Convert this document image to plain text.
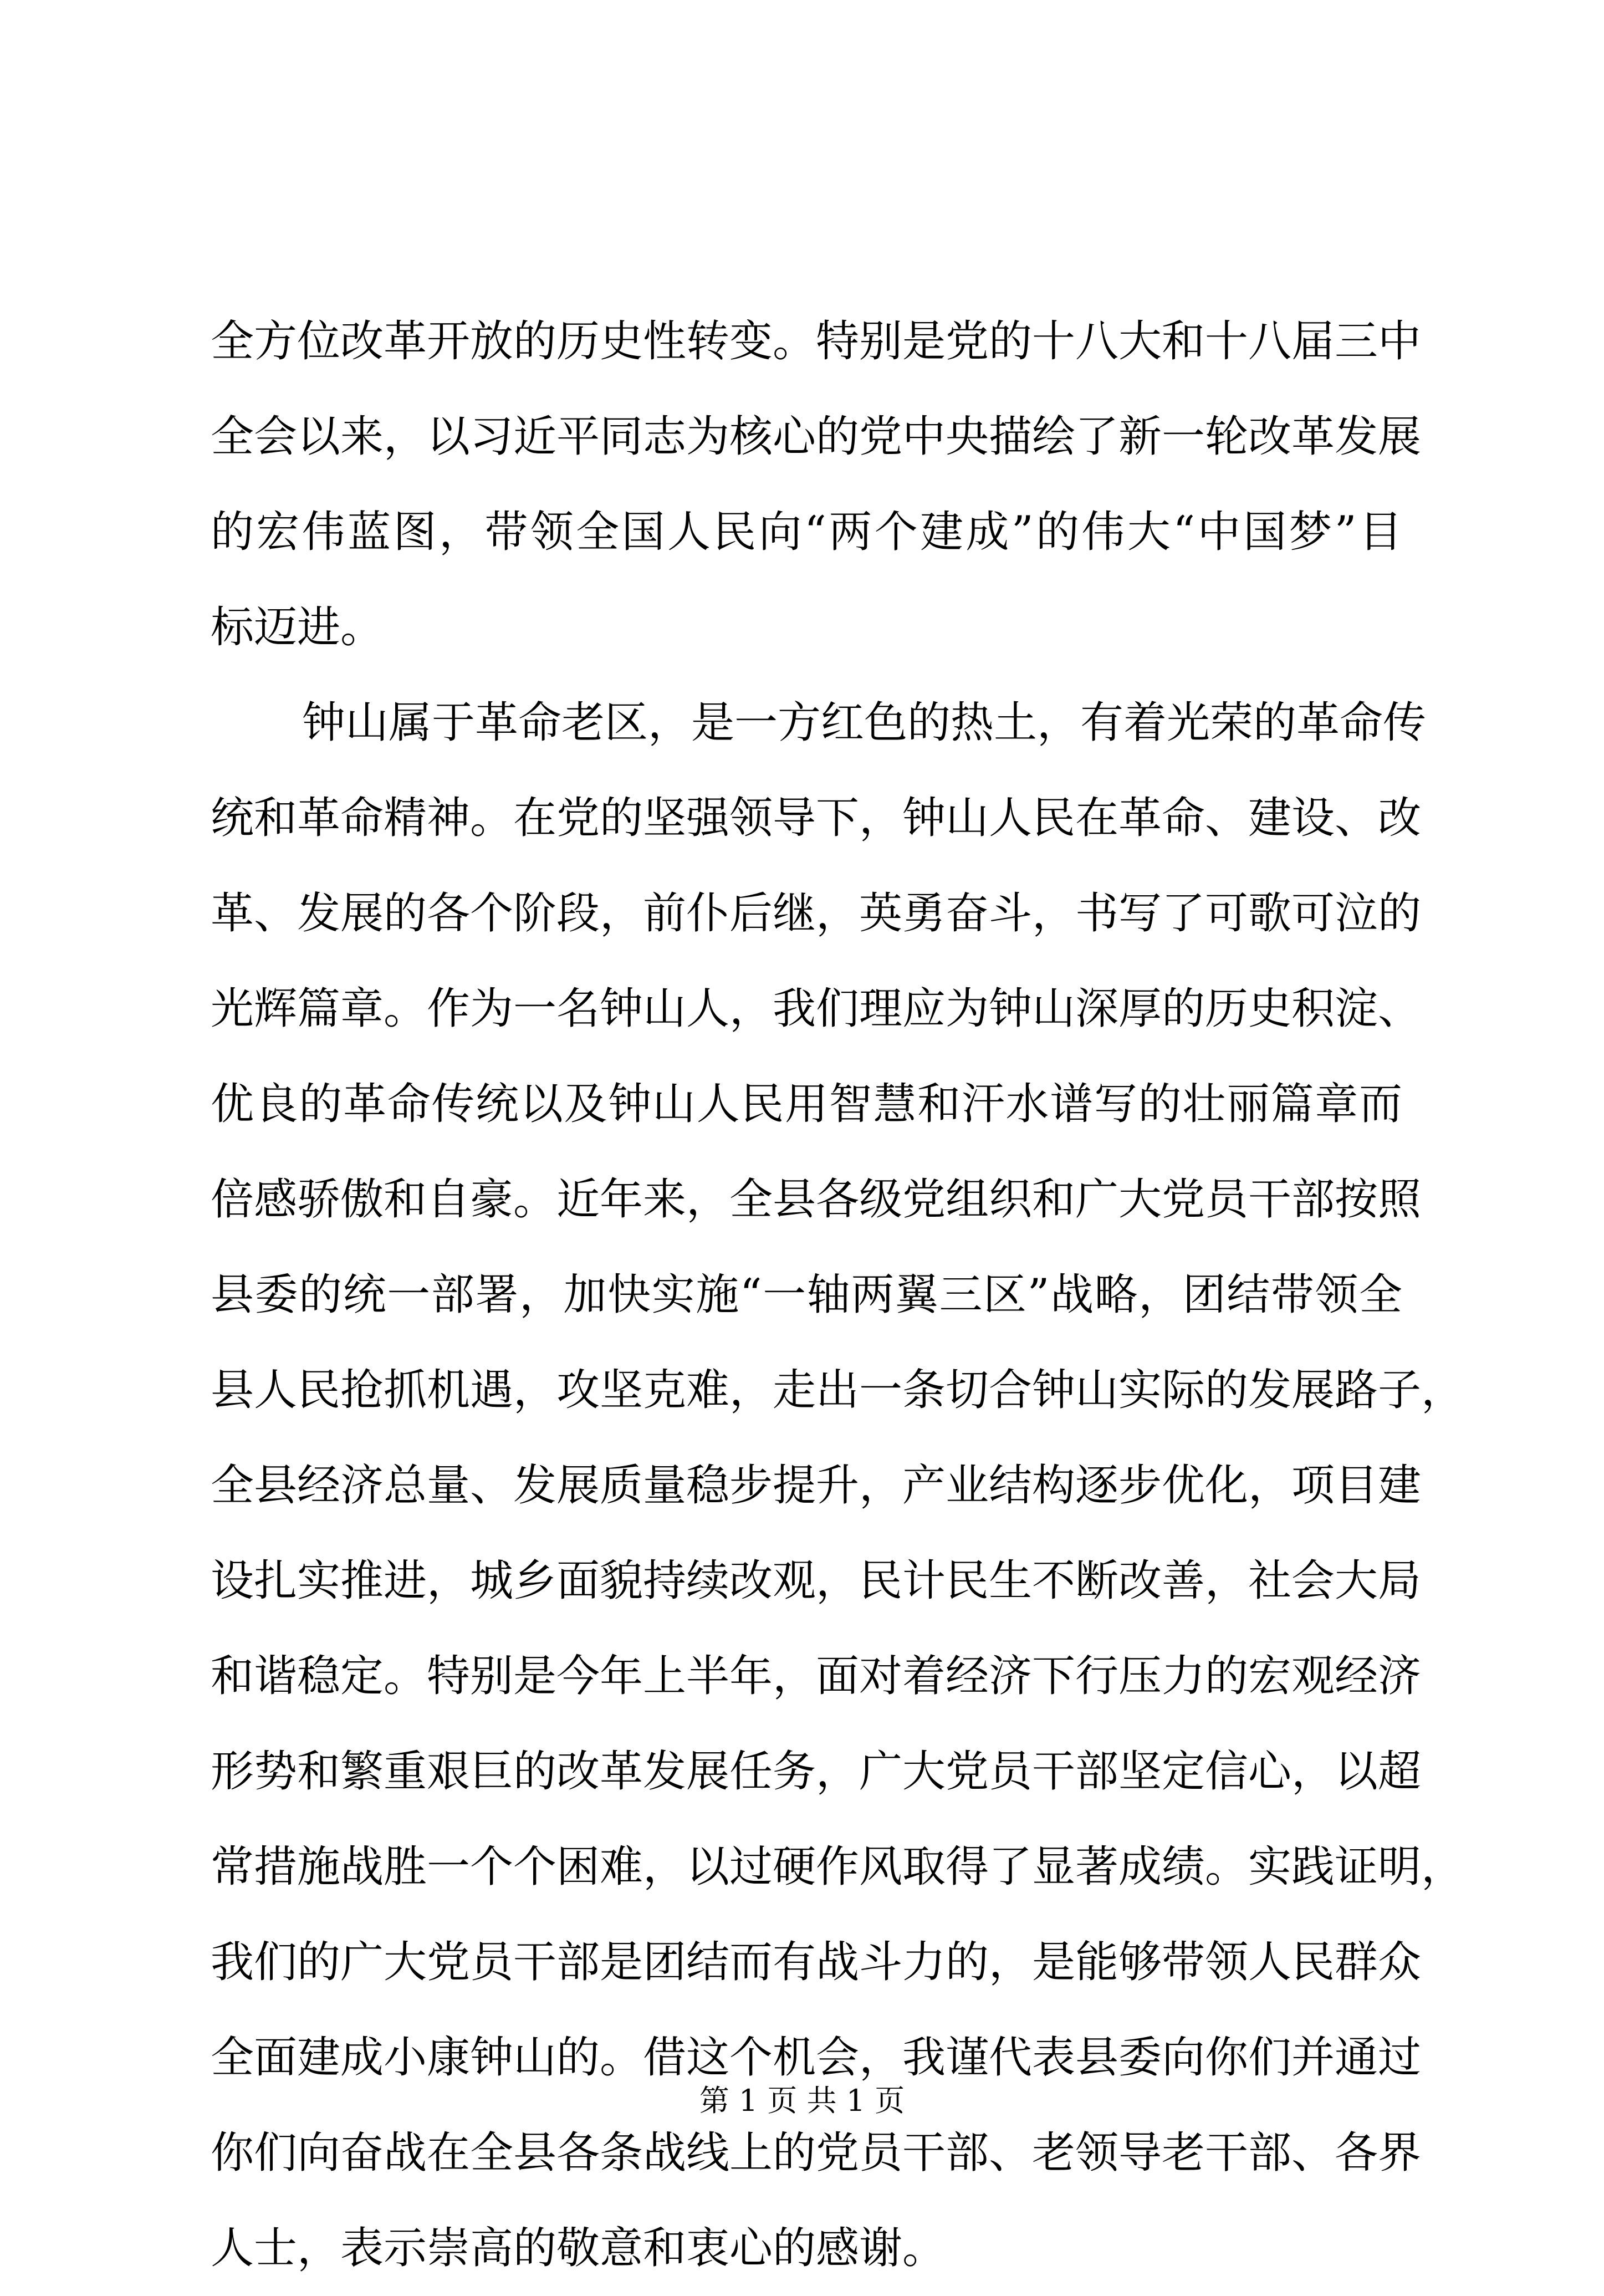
全方位改革开放的历史性转变。特别是党的十八大和十八届三中
全会以来，以习近平同志为核心的党中央描绘了新一轮改革发展
的宏伟蓝图，带领全国人民向“两个建成”的伟大“中国梦”目
标迈进。
钟山属于革命老区，是一方红色的热土，有着光荣的革命传
统和革命精神。在党的坚强领导下，钟山人民在革命、建设、改
革、发展的各个阶段，前仆后继，英勇奋斗，书写了可歌可泣的
光辉篇章。作为一名钟山人，我们理应为钟山深厚的历史积淀、
优良的革命传统以及钟山人民用智慧和汗水谱写的壮丽篇章而
倍感骄傲和自豪。近年来，全县各级党组织和广大党员干部按照
县委的统一部署，加快实施“一轴两翼三区”战略，团结带领全
县人民抢抓机遇，攻坚克难，走出一条切合钟山实际的发展路子，
全县经济总量、发展质量稳步提升，产业结构逐步优化，项目建
设扎实推进，城乡面貌持续改观，民计民生不断改善，社会大局
和谐稳定。特别是今年上半年，面对着经济下行压力的宏观经济
形势和繁重艰巨的改革发展任务，广大党员干部坚定信心，以超
常措施战胜一个个困难，以过硬作风取得了显著成绩。实践证明，
我们的广大党员干部是团结而有战斗力的，是能够带领人民群众
全面建成小康钟山的。借这个机会，我谨代表县委向你们并通过
你们向奋战在全县各条战线上的党员干部、老领导老干部、各界
人士，表示崇高的敬意和衷心的感谢。
第 1 页 共 1 页
